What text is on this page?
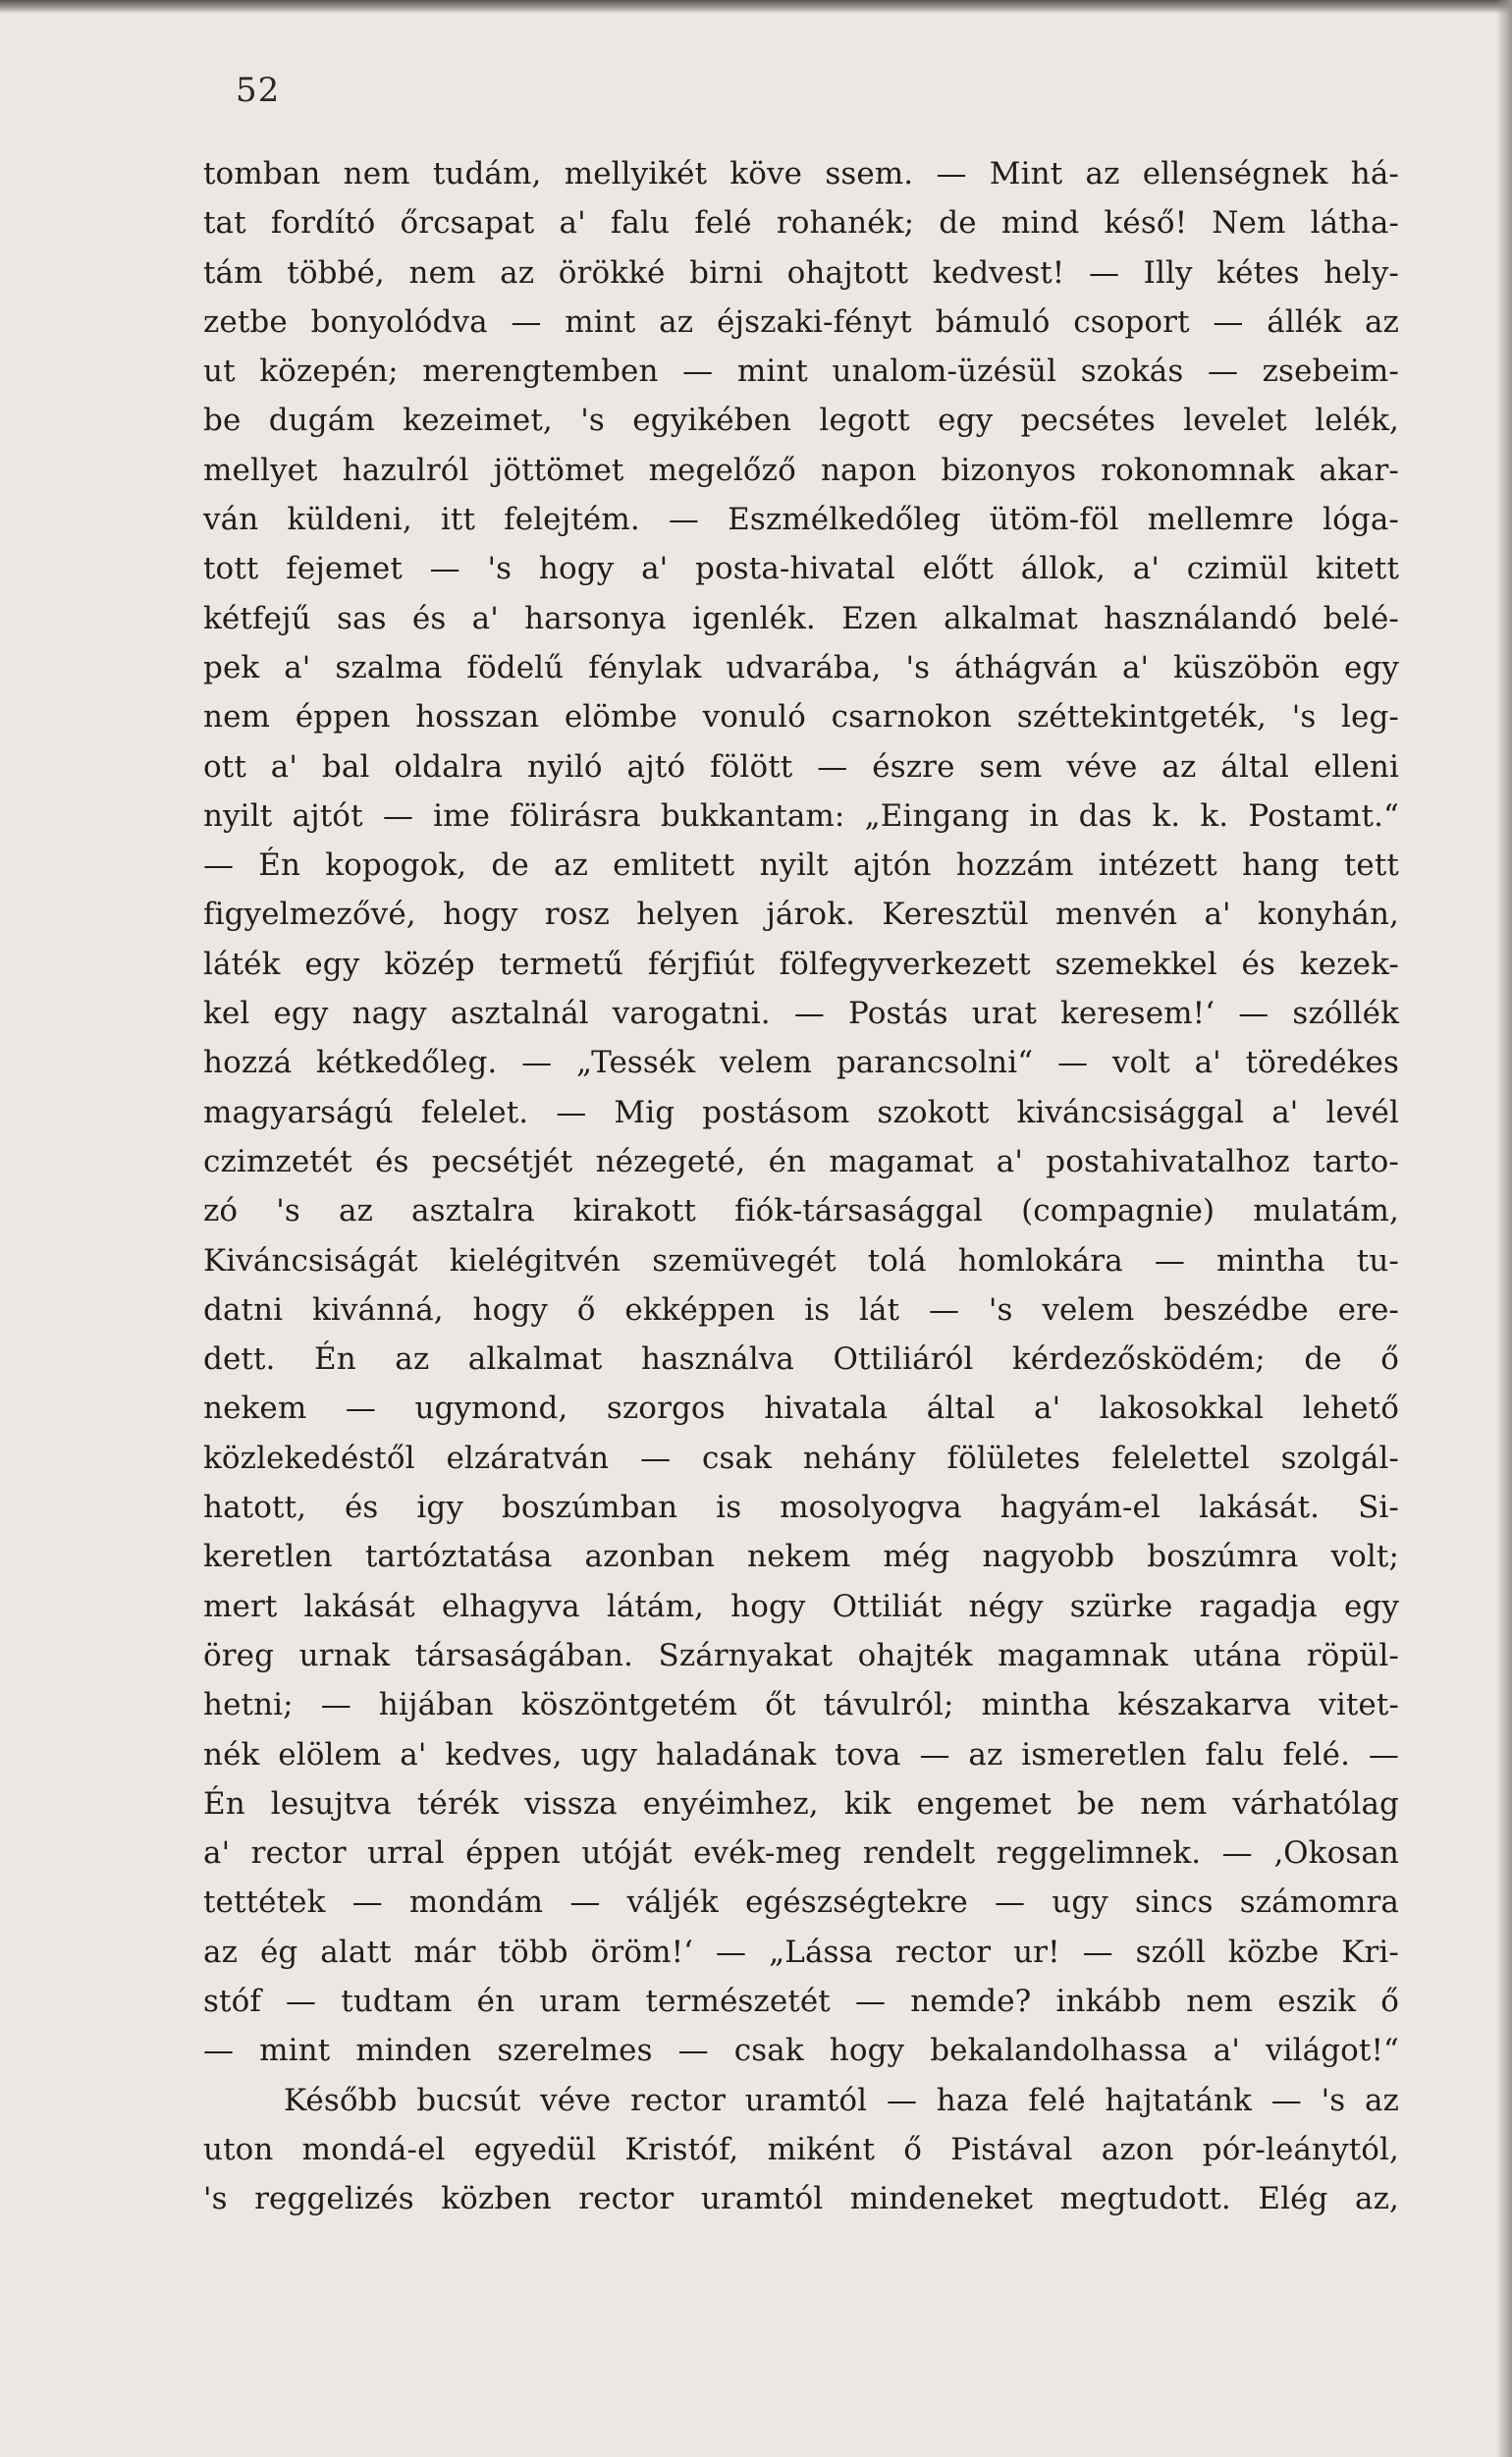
52
tomban nem tudám, mellyikét köve ssem. — Mint az ellenségnek há-
tat fordító őrcsapat a' falu felé rohanék; de mind késő! Nem látha-
tám többé, nem az örökké birni ohajtott kedvest! — Illy kétes hely-
zetbe bonyolódva — mint az éjszaki-fényt bámuló csoport — állék az
ut közepén; merengtemben — mint unalom-üzésül szokás — zsebeim-
be dugám kezeimet, 's egyikében legott egy pecsétes levelet lelék,
mellyet hazulról jöttömet megelőző napon bizonyos rokonomnak akar-
ván küldeni, itt felejtém. — Eszmélkedőleg ütöm-föl mellemre lóga-
tott fejemet — 's hogy a' posta-hivatal előtt állok, a' czimül kitett
kétfejű sas és a' harsonya igenlék. Ezen alkalmat használandó belé-
pek a' szalma födelű fénylak udvarába, 's áthágván a' küszöbön egy
nem éppen hosszan elömbe vonuló csarnokon széttekintgeték, 's leg-
ott a' bal oldalra nyiló ajtó fölött — észre sem véve az által elleni
nyilt ajtót — ime fölirásra bukkantam: „Eingang in das k. k. Postamt.“
— Én kopogok, de az emlitett nyilt ajtón hozzám intézett hang tett
figyelmezővé, hogy rosz helyen járok. Keresztül menvén a' konyhán,
láték egy közép termetű férjfiút fölfegyverkezett szemekkel és kezek-
kel egy nagy asztalnál varogatni. — Postás urat keresem!‘ — szóllék
hozzá kétkedőleg. — „Tessék velem parancsolni“ — volt a' töredékes
magyarságú felelet. — Mig postásom szokott kiváncsisággal a' levél
czimzetét és pecsétjét nézegeté, én magamat a' postahivatalhoz tarto-
zó 's az asztalra kirakott fiók-társasággal (compagnie) mulatám,
Kiváncsiságát kielégitvén szemüvegét tolá homlokára — mintha tu-
datni kivánná, hogy ő ekképpen is lát — 's velem beszédbe ere-
dett. Én az alkalmat használva Ottiliáról kérdezősködém; de ő
nekem — ugymond, szorgos hivatala által a' lakosokkal lehető
közlekedéstől elzáratván — csak nehány fölületes felelettel szolgál-
hatott, és igy boszúmban is mosolyogva hagyám-el lakását. Si-
keretlen tartóztatása azonban nekem még nagyobb boszúmra volt;
mert lakását elhagyva látám, hogy Ottiliát négy szürke ragadja egy
öreg urnak társaságában. Szárnyakat ohajték magamnak utána röpül-
hetni; — hijában köszöntgetém őt távulról; mintha készakarva vitet-
nék elölem a' kedves, ugy haladának tova — az ismeretlen falu felé. —
Én lesujtva térék vissza enyéimhez, kik engemet be nem várhatólag
a' rector urral éppen utóját evék-meg rendelt reggelimnek. — ‚Okosan
tettétek — mondám — váljék egészségtekre — ugy sincs számomra
az ég alatt már több öröm!‘ — „Lássa rector ur! — szóll közbe Kri-
stóf — tudtam én uram természetét — nemde? inkább nem eszik ő
— mint minden szerelmes — csak hogy bekalandolhassa a' világot!“
Később bucsút véve rector uramtól — haza felé hajtatánk — 's az
uton mondá-el egyedül Kristóf, miként ő Pistával azon pór-leánytól,
's reggelizés közben rector uramtól mindeneket megtudott. Elég az,
